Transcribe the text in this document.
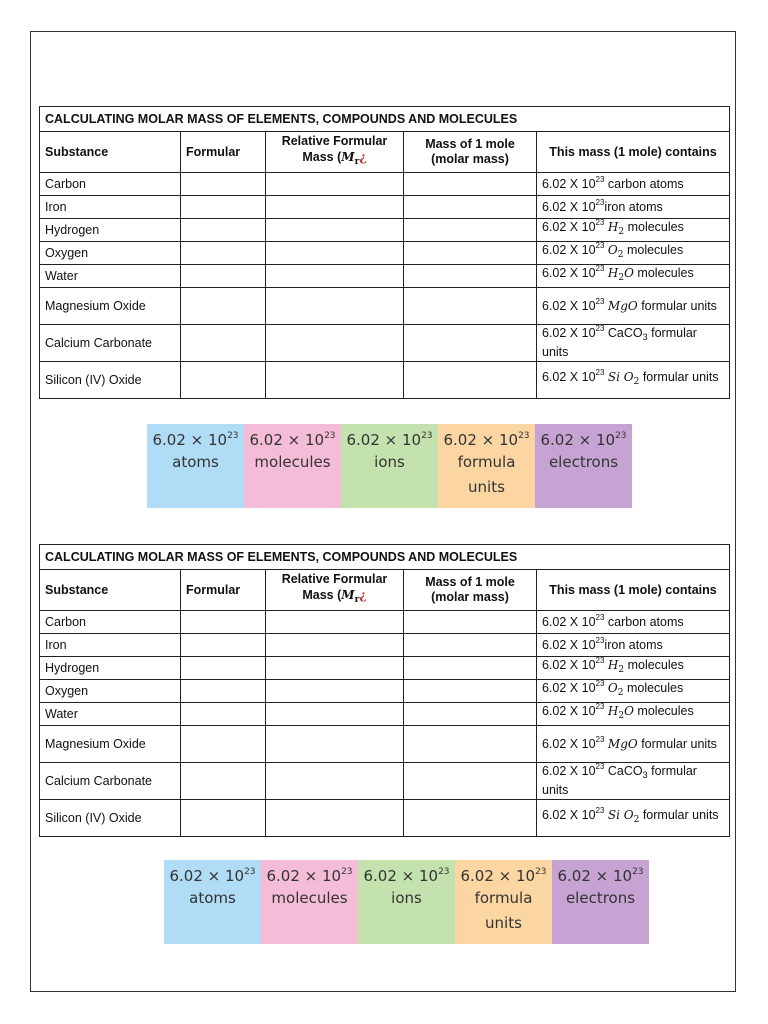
CALCULATING MOLAR MASS OF ELEMENTS, COMPOUNDS AND MOLECULES				
Substance	Formular	Relative Formular Mass ($M_r¿$	Mass of 1 mole (molar mass)	This mass (1 mole) contains
Carbon				6.02 X $10^{23}$ carbon atoms
Iron				6.02 X $10^{23}iron$ atoms
Hydrogen				6.02 X $10^{23}$ $H_2$ molecules
Oxygen				6.02 X $10^{23}$ $O_2$ molecules
Water				6.02 X $10^{23}$ $H_2O$ molecules
Magnesium Oxide				6.02 X $10^{23}$ MgO formular units
Calcium Carbonate				6.02 X $10^{23}$ CaCO$_3$ formular units
Silicon (IV) Oxide				6.02 X $10^{23}$ Si $O_2$ formular units
$6.02 \times 10^{23}$
atoms
$6.02 \times 10^{23}$
molecules
$6.02 \times 10^{23}$
ions
$6.02 \times 10^{23}$
formula units
$6.02 \times 10^{23}$
electrons
CALCULATING MOLAR MASS OF ELEMENTS, COMPOUNDS AND MOLECULES				
Substance	Formular	Relative Formular Mass ($M_r¿$	Mass of 1 mole (molar mass)	This mass (1 mole) contains
Carbon				6.02 X $10^{23}$ carbon atoms
Iron				6.02 X $10^{23}iron$ atoms
Hydrogen				6.02 X $10^{23}$ $H_2$ molecules
Oxygen				6.02 X $10^{23}$ $O_2$ molecules
Water				6.02 X $10^{23}$ $H_2O$ molecules
Magnesium Oxide				6.02 X $10^{23}$ MgO formular units
Calcium Carbonate				6.02 X $10^{23}$ CaCO$_3$ formular units
Silicon (IV) Oxide				6.02 X $10^{23}$ Si $O_2$ formular units
$6.02 \times 10^{23}$
atoms
$6.02 \times 10^{23}$
molecules
$6.02 \times 10^{23}$
ions
$6.02 \times 10^{23}$
formula units
$6.02 \times 10^{23}$
electrons
